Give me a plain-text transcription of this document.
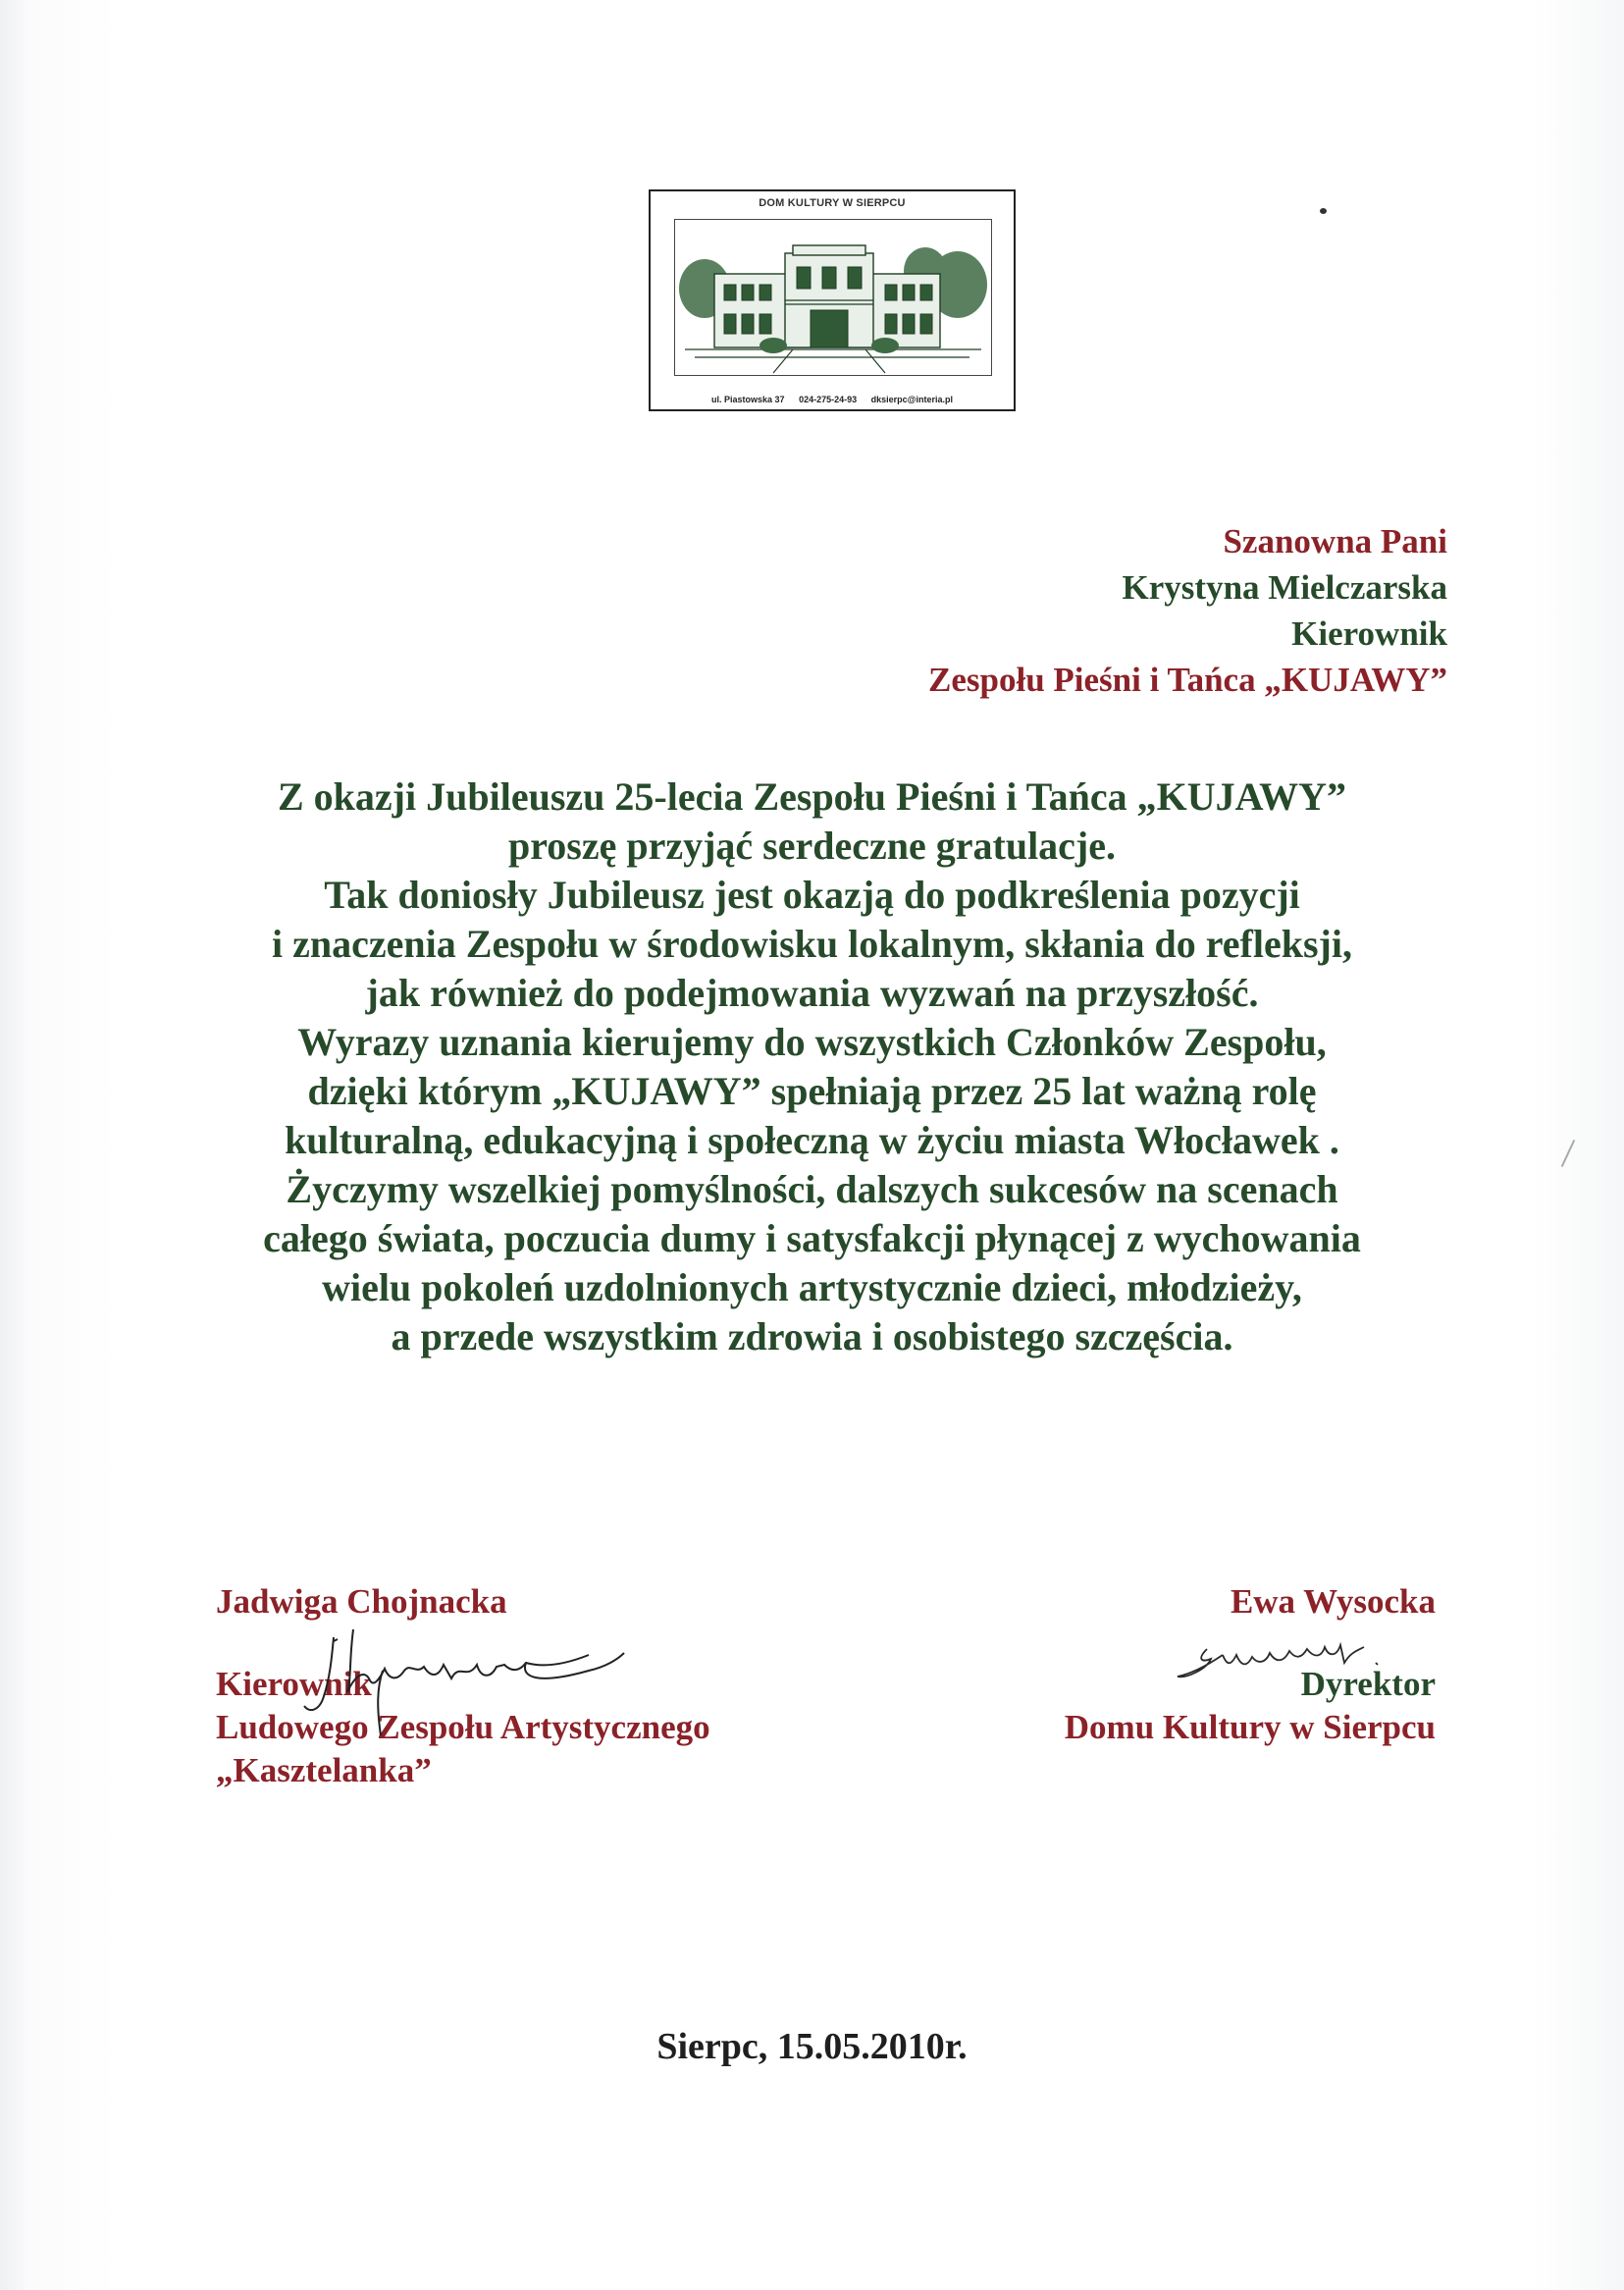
DOM KULTURY W SIERPCU
ul. Piastowska 37 024-275-24-93 dksierpc@interia.pl
Szanowna Pani
Krystyna Mielczarska
Kierownik
Zespołu Pieśni i Tańca „KUJAWY”
Z okazji Jubileuszu 25-lecia Zespołu Pieśni i Tańca „KUJAWY”
proszę przyjąć serdeczne gratulacje.
Tak doniosły Jubileusz jest okazją do podkreślenia pozycji
i znaczenia Zespołu w środowisku lokalnym, skłania do refleksji,
jak również do podejmowania wyzwań na przyszłość.
Wyrazy uznania kierujemy do wszystkich Członków Zespołu,
dzięki którym „KUJAWY” spełniają przez 25 lat ważną rolę
kulturalną, edukacyjną i społeczną w życiu miasta Włocławek .
Życzymy wszelkiej pomyślności, dalszych sukcesów na scenach
całego świata, poczucia dumy i satysfakcji płynącej z wychowania
wielu pokoleń uzdolnionych artystycznie dzieci, młodzieży,
a przede wszystkim zdrowia i osobistego szczęścia.
Jadwiga Chojnacka
Kierownik
Ludowego Zespołu Artystycznego
„Kasztelanka”
Ewa Wysocka
Dyrektor
Domu Kultury w Sierpcu
Sierpc, 15.05.2010r.
